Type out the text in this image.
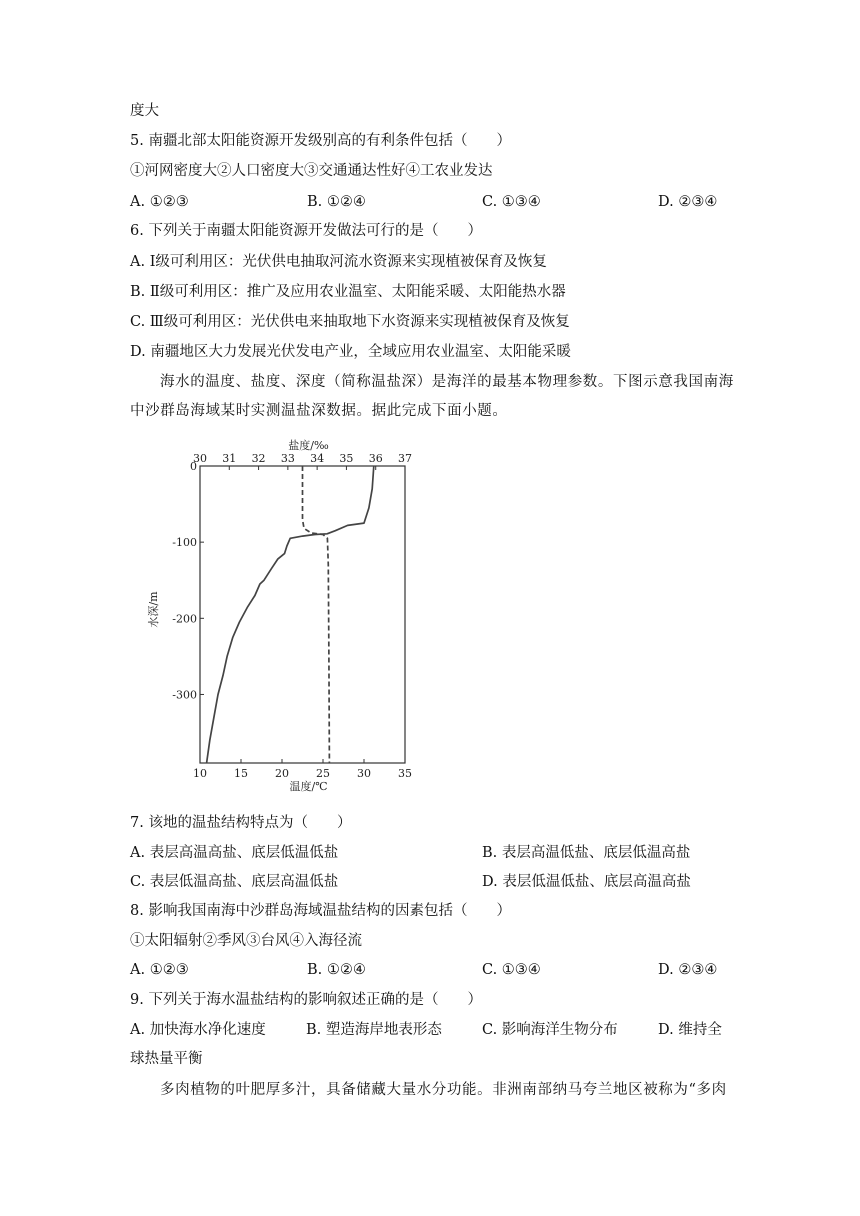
度大
5. 南疆北部太阳能资源开发级别高的有利条件包括（　　）
①河网密度大②人口密度大③交通通达性好④工农业发达
A. ①②③	B. ①②④	C. ①③④	D. ②③④
6. 下列关于南疆太阳能资源开发做法可行的是（　　）
A. Ⅰ级可利用区：光伏供电抽取河流水资源来实现植被保育及恢复
B. Ⅱ级可利用区：推广及应用农业温室、太阳能采暖、太阳能热水器
C. Ⅲ级可利用区：光伏供电来抽取地下水资源来实现植被保育及恢复
D. 南疆地区大力发展光伏发电产业，全域应用农业温室、太阳能采暖
海水的温度、盐度、深度（简称温盐深）是海洋的最基本物理参数。下图示意我国南海
中沙群岛海域某时实测温盐深数据。据此完成下面小题。
10 15 20 25 30 35
30 31 32 33 34 35 36 37
0
-100
-200
-300
温度/℃
盐度/‰
水深/m
7. 该地的温盐结构特点为（　　）
A. 表层高温高盐、底层低温低盐	B. 表层高温低盐、底层低温高盐
C. 表层低温高盐、底层高温低盐	D. 表层低温低盐、底层高温高盐
8. 影响我国南海中沙群岛海域温盐结构的因素包括（　　）
①太阳辐射②季风③台风④入海径流
A. ①②③	B. ①②④	C. ①③④	D. ②③④
9. 下列关于海水温盐结构的影响叙述正确的是（　　）
A. 加快海水净化速度	B. 塑造海岸地表形态	C. 影响海洋生物分布	D. 维持全
球热量平衡
多肉植物的叶肥厚多汁，具备储藏大量水分功能。非洲南部纳马夸兰地区被称为“多肉
